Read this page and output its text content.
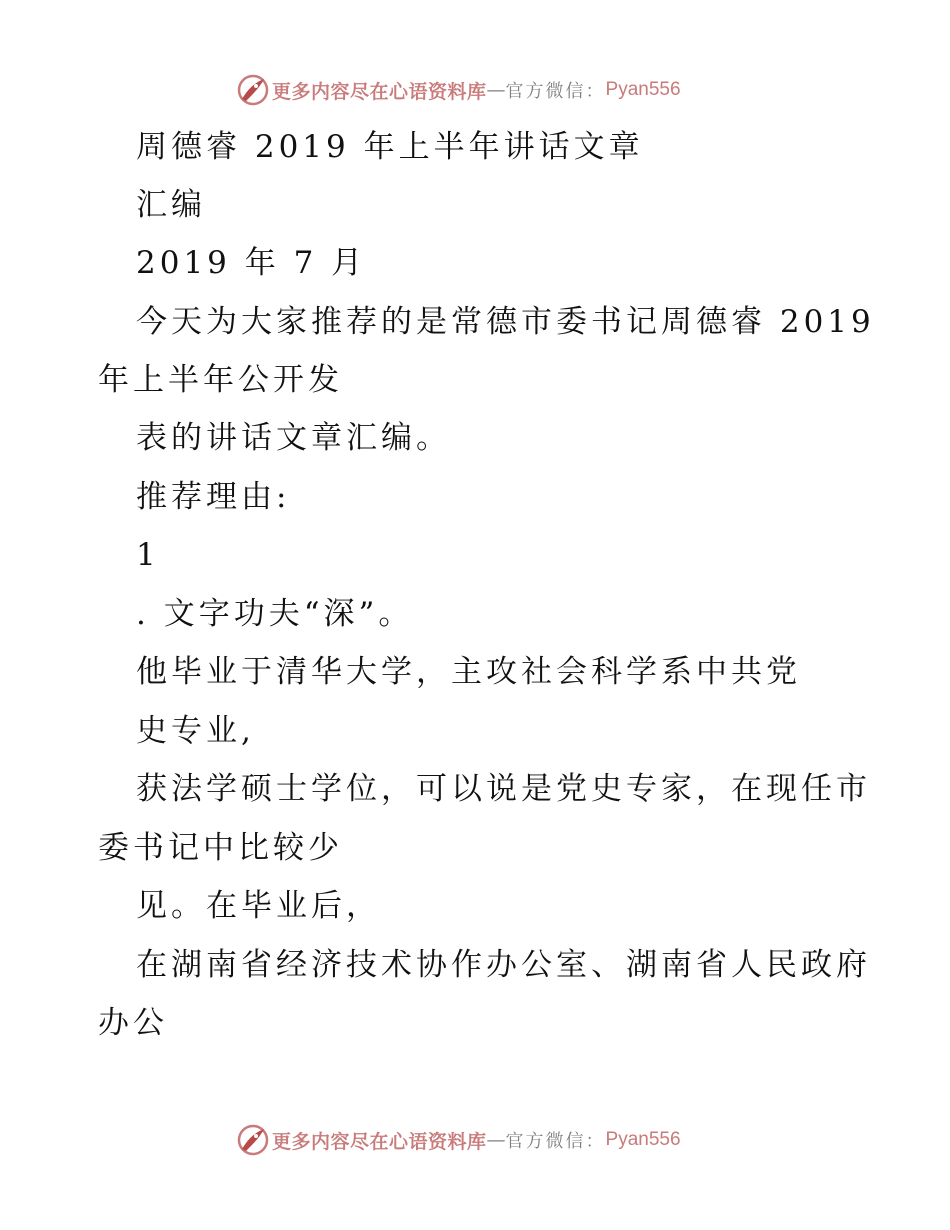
更多内容尽在心语资料库 — 官方微信： Pyan556
周德睿 2019 年上半年讲话文章
汇编
2019 年 7 月
今天为大家推荐的是常德市委书记周德睿 2019
年上半年公开发
表的讲话文章汇编。
推荐理由:
1
. 文字功夫“深”。
他毕业于清华大学，主攻社会科学系中共党
史专业,
获法学硕士学位，可以说是党史专家，在现任市
委书记中比较少
见。在毕业后，
在湖南省经济技术协作办公室、湖南省人民政府
办公
更多内容尽在心语资料库 — 官方微信： Pyan556
